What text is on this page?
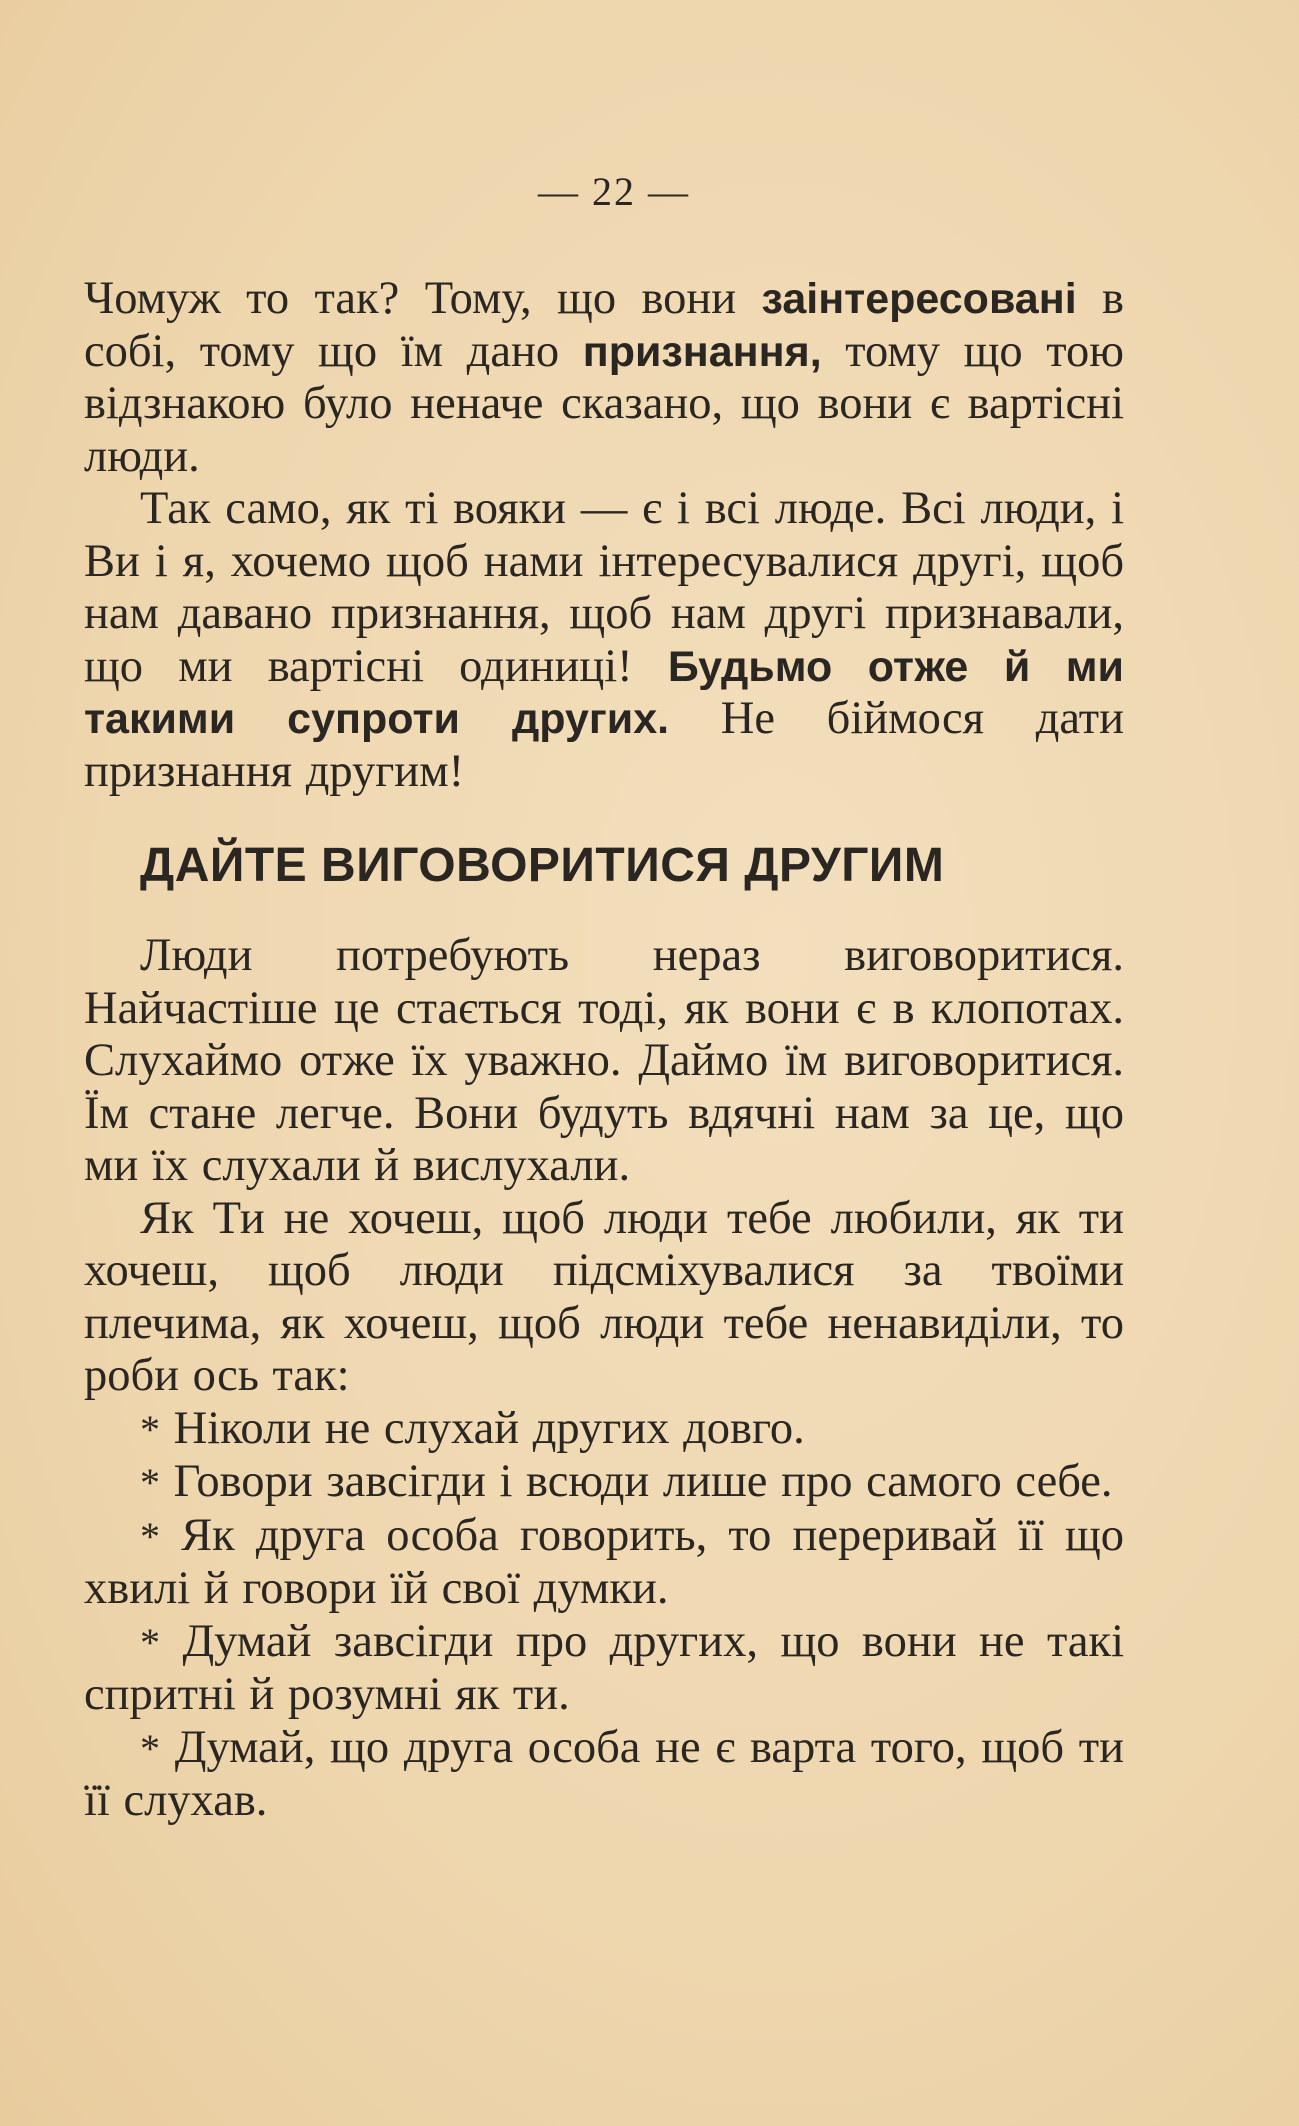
— 22 —

Чомуж то так? Тому, що вони заінтересовані в собі, тому що їм дано признання, тому що тою відзнакою було неначе сказано, що вони є вартісні люди.

Так само, як ті вояки — є і всі люде. Всі люди, і Ви і я, хочемо щоб нами інтересувалися другі, щоб нам давано признання, щоб нам другі признавали, що ми вартісні одиниці! Будьмо отже й ми такими супроти других. Не біймося дати признання другим!

ДАЙТЕ ВИГОВОРИТИСЯ ДРУГИМ

Люди потребують нераз виговоритися. Найчастіше це стається тоді, як вони є в клопотах. Слухаймо отже їх уважно. Даймо їм виговоритися. Їм стане легче. Вони будуть вдячні нам за це, що ми їх слухали й вислухали.

Як Ти не хочеш, щоб люди тебе любили, як ти хочеш, щоб люди підсміхувалися за твоїми плечима, як хочеш, щоб люди тебе ненавиділи, то роби ось так:

* Ніколи не слухай других довго.
* Говори завсігди і всюди лише про самого себе.
* Як друга особа говорить, то переривай її що хвилі й говори їй свої думки.
* Думай завсігди про других, що вони не такі спритні й розумні як ти.
* Думай, що друга особа не є варта того, щоб ти її слухав.
